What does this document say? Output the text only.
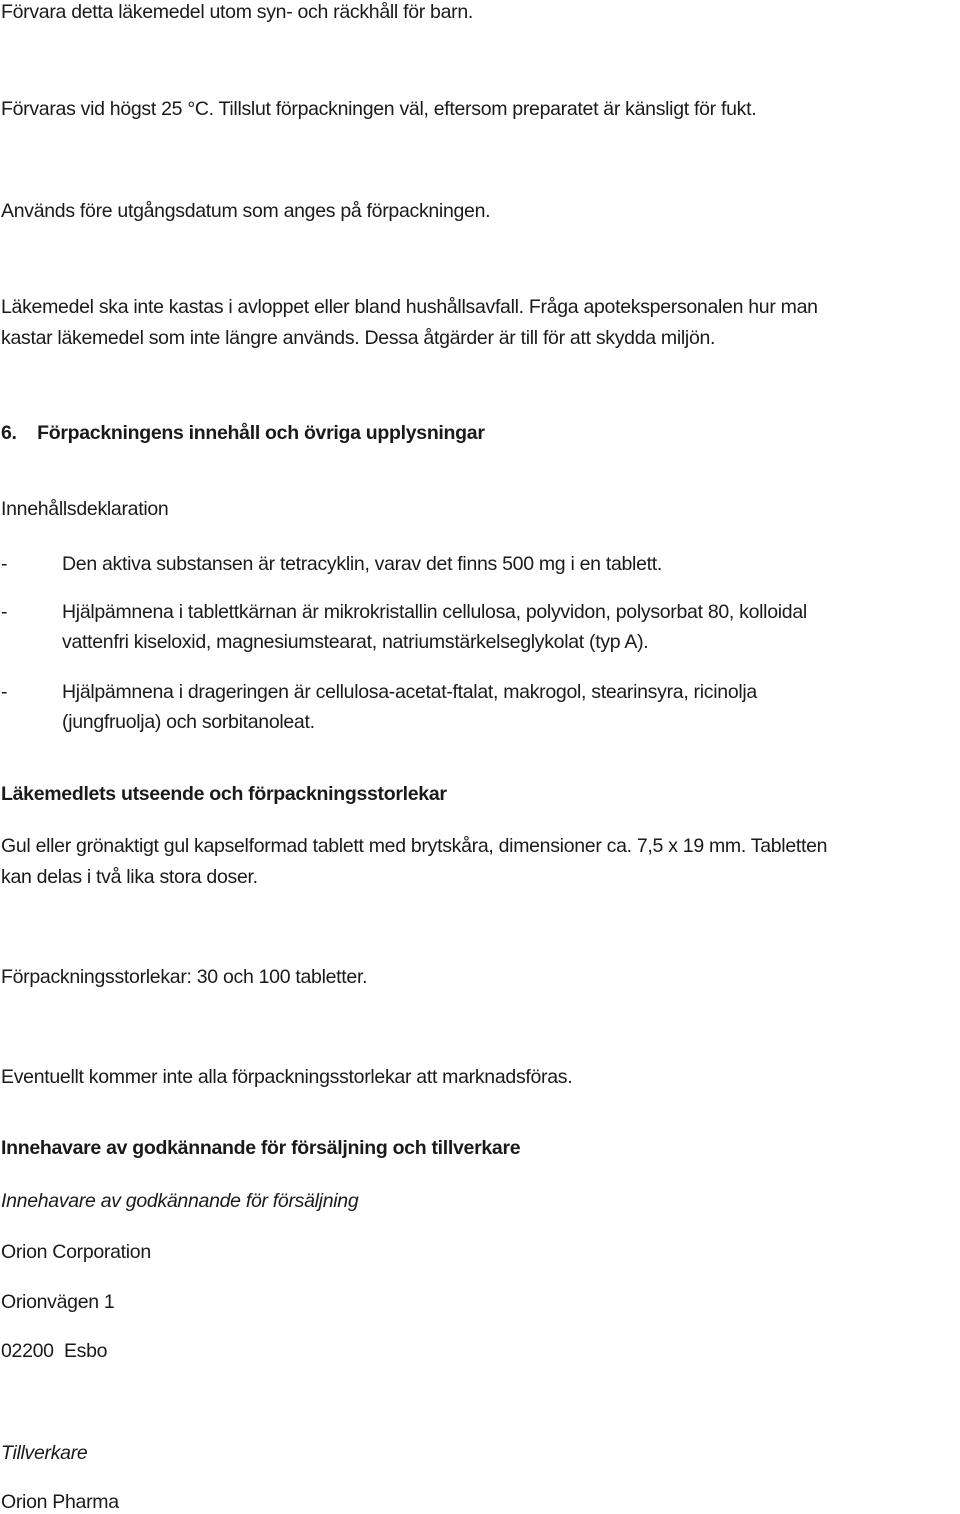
Förvara detta läkemedel utom syn- och räckhåll för barn.
Förvaras vid högst 25 °C. Tillslut förpackningen väl, eftersom preparatet är känsligt för fukt.
Används före utgångsdatum som anges på förpackningen.
Läkemedel ska inte kastas i avloppet eller bland hushållsavfall. Fråga apotekspersonalen hur man
kastar läkemedel som inte längre används. Dessa åtgärder är till för att skydda miljön.
6.    Förpackningens innehåll och övriga upplysningar
Innehållsdeklaration
-	Den aktiva substansen är tetracyklin, varav det finns 500 mg i en tablett.
-	Hjälpämnena i tablettkärnan är mikrokristallin cellulosa, polyvidon, polysorbat 80, kolloidal
vattenfri kiseloxid, magnesiumstearat, natriumstärkelseglykolat (typ A).
-	Hjälpämnena i drageringen är cellulosa-acetat-ftalat, makrogol, stearinsyra, ricinolja
(jungfruolja) och sorbitanoleat.
Läkemedlets utseende och förpackningsstorlekar
Gul eller grönaktigt gul kapselformad tablett med brytskåra, dimensioner ca. 7,5 x 19 mm. Tabletten
kan delas i två lika stora doser.
Förpackningsstorlekar: 30 och 100 tabletter.
Eventuellt kommer inte alla förpackningsstorlekar att marknadsföras.
Innehavare av godkännande för försäljning och tillverkare
Innehavare av godkännande för försäljning
Orion Corporation
Orionvägen 1
02200  Esbo
Tillverkare
Orion Pharma
